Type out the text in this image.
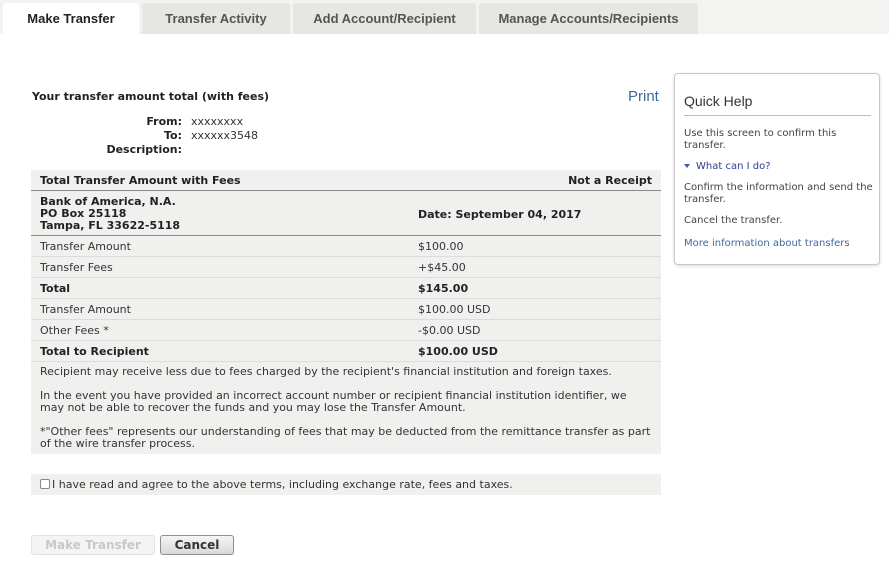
Make Transfer	Transfer Activity	Add Account/Recipient	Manage Accounts/Recipients
Your transfer amount total (with fees)	Print
From: xxxxxxxx
To: xxxxxx3548
Description:
Total Transfer Amount with Fees	Not a Receipt
Bank of America, N.A.
PO Box 25118
Tampa, FL 33622-5118
Date: September 04, 2017
Transfer Amount	$100.00
Transfer Fees	+$45.00
Total	$145.00
Transfer Amount	$100.00 USD
Other Fees *	-$0.00 USD
Total to Recipient	$100.00 USD

Recipient may receive less due to fees charged by the recipient's financial institution and foreign taxes.

In the event you have provided an incorrect account number or recipient financial institution identifier, we may not be able to recover the funds and you may lose the Transfer Amount.

*"Other fees" represents our understanding of fees that may be deducted from the remittance transfer as part of the wire transfer process.

I have read and agree to the above terms, including exchange rate, fees and taxes.
Make Transfer	Cancel
Quick Help
Use this screen to confirm this transfer.
What can I do?
Confirm the information and send the transfer.
Cancel the transfer.
More information about transfers
